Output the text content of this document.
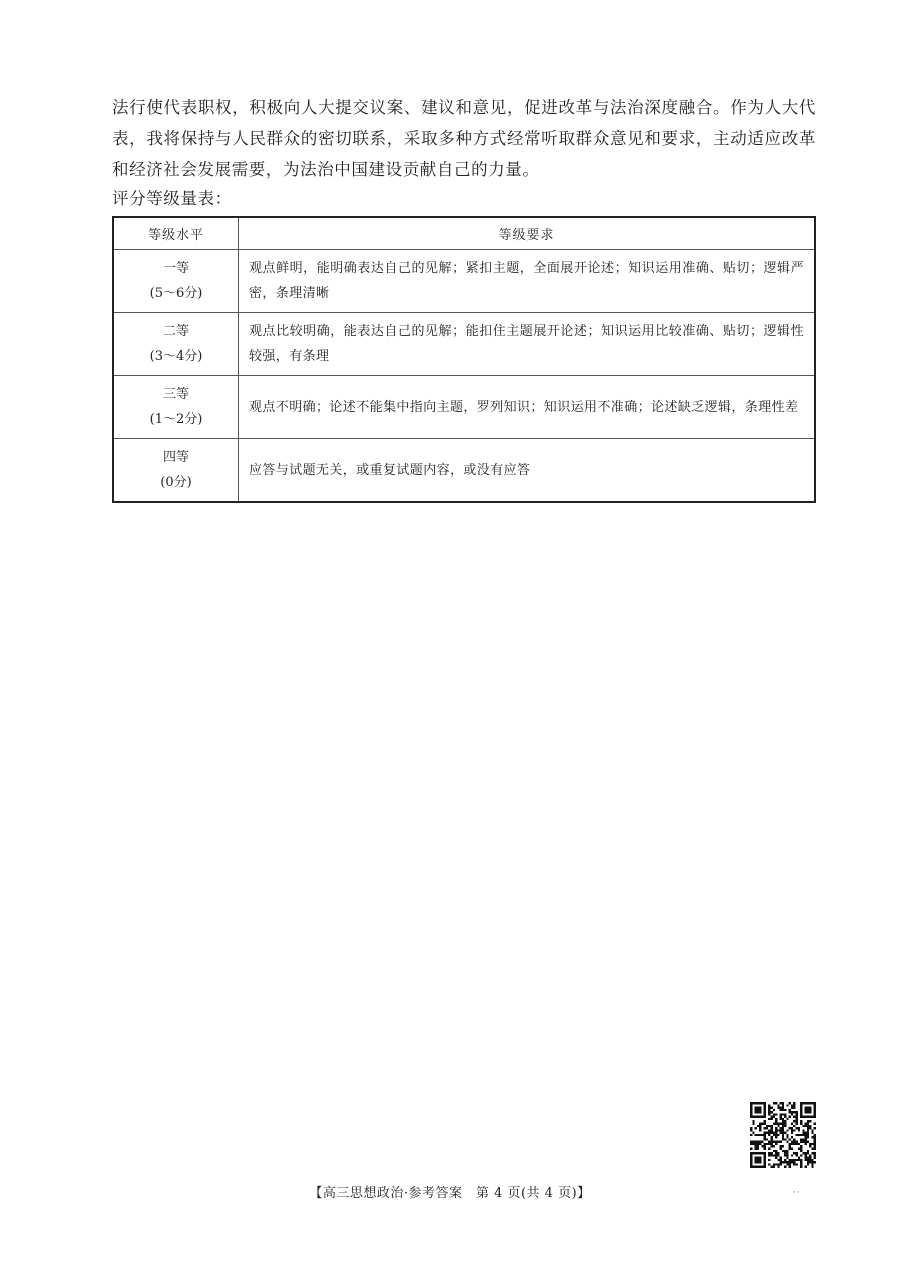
法行使代表职权，积极向人大提交议案、建议和意见，促进改革与法治深度融合。作为人大代表，我将保持与人民群众的密切联系，采取多种方式经常听取群众意见和要求，主动适应改革和经济社会发展需要，为法治中国建设贡献自己的力量。

评分等级量表：

等级水平	等级要求

一等
(5～6分)	观点鲜明，能明确表达自己的见解；紧扣主题，全面展开论述；知识运用准确、贴切；逻辑严密，条理清晰

二等
(3～4分)	观点比较明确，能表达自己的见解；能扣住主题展开论述；知识运用比较准确、贴切；逻辑性较强，有条理

三等
(1～2分)	观点不明确；论述不能集中指向主题，罗列知识；知识运用不准确；论述缺乏逻辑，条理性差

四等
(0分)	应答与试题无关，或重复试题内容，或没有应答
【高三思想政治·参考答案　第 4 页(共 4 页)】	··
